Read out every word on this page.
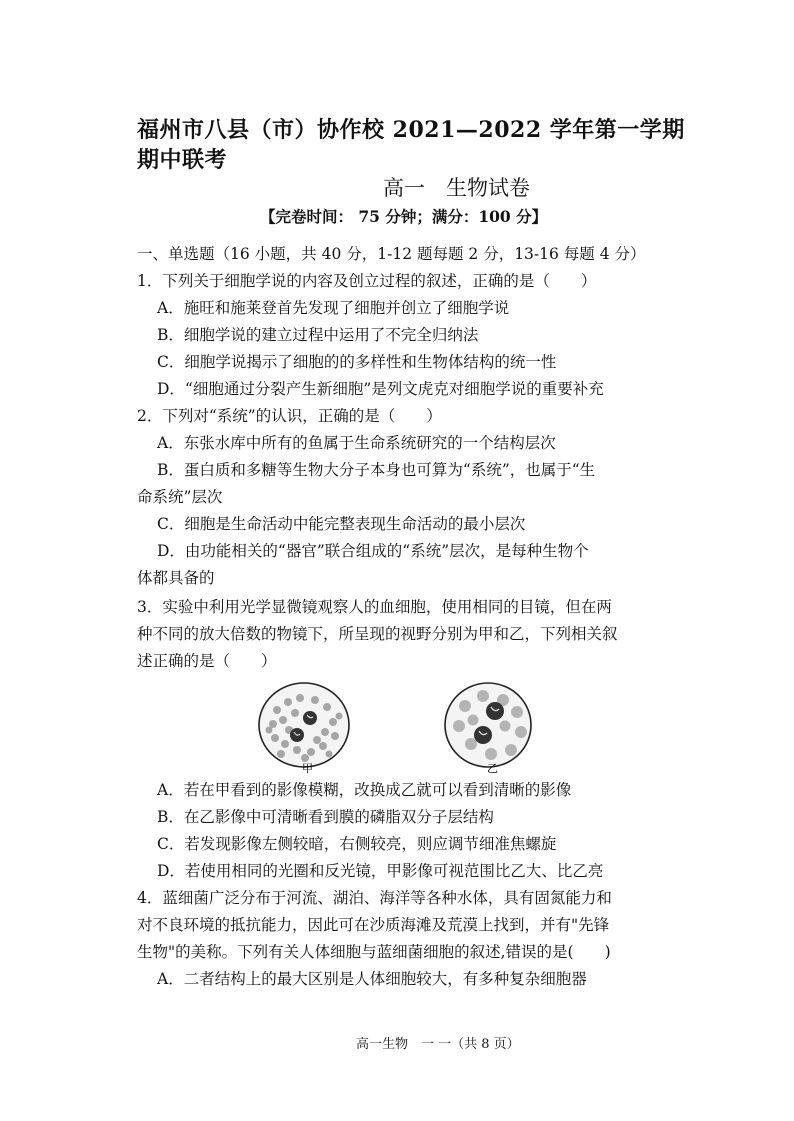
福州市八县（市）协作校 2021—2022 学年第一学期
期中联考
高一　生物试卷
【完卷时间： 75 分钟；满分：100 分】
一、单选题（16 小题，共 40 分，1-12 题每题 2 分，13-16 每题 4 分）
1．下列关于细胞学说的内容及创立过程的叙述，正确的是（　　）
A．施旺和施莱登首先发现了细胞并创立了细胞学说
B．细胞学说的建立过程中运用了不完全归纳法
C．细胞学说揭示了细胞的的多样性和生物体结构的统一性
D．“细胞通过分裂产生新细胞”是列文虎克对细胞学说的重要补充
2．下列对“系统”的认识，正确的是（　　）
A．东张水库中所有的鱼属于生命系统研究的一个结构层次
B．蛋白质和多糖等生物大分子本身也可算为“系统”，也属于“生
命系统”层次
C．细胞是生命活动中能完整表现生命活动的最小层次
D．由功能相关的“器官”联合组成的“系统”层次，是每种生物个
体都具备的
3．实验中利用光学显微镜观察人的血细胞，使用相同的目镜，但在两
种不同的放大倍数的物镜下，所呈现的视野分别为甲和乙，下列相关叙
述正确的是（　　）
甲	乙
A．若在甲看到的影像模糊，改换成乙就可以看到清晰的影像
B．在乙影像中可清晰看到膜的磷脂双分子层结构
C．若发现影像左侧较暗，右侧较亮，则应调节细准焦螺旋
D．若使用相同的光圈和反光镜，甲影像可视范围比乙大、比乙亮
4．蓝细菌广泛分布于河流、湖泊、海洋等各种水体，具有固氮能力和
对不良环境的抵抗能力，因此可在沙质海滩及荒漠上找到，并有"先锋
生物"的美称。下列有关人体细胞与蓝细菌细胞的叙述,错误的是(　　)
A．二者结构上的最大区别是人体细胞较大，有多种复杂细胞器
高一生物　一 一（共 8 页）
